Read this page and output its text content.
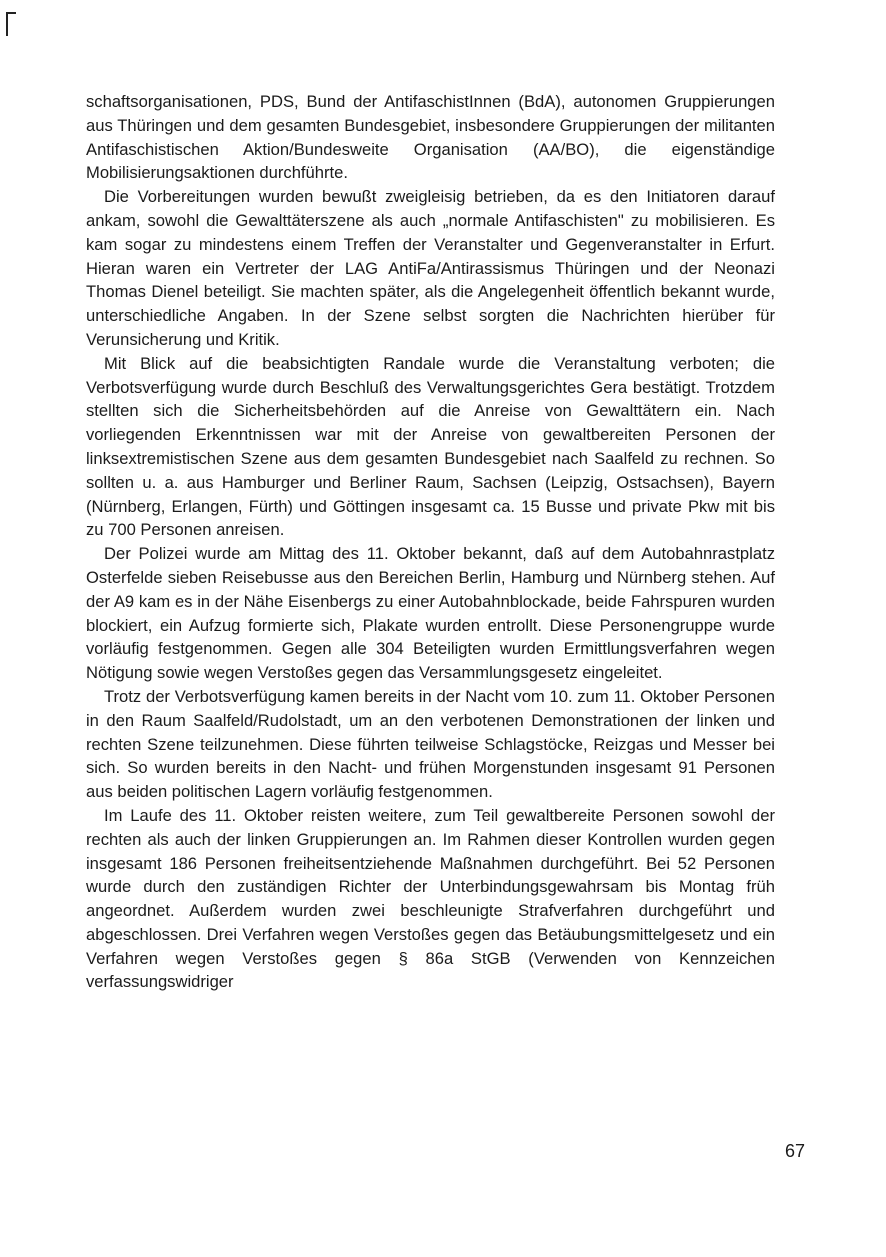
schaftsorganisationen, PDS, Bund der AntifaschistInnen (BdA), autonomen Gruppierungen aus Thüringen und dem gesamten Bundesgebiet, insbesondere Gruppierungen der militanten Antifaschistischen Aktion/Bundesweite Organisation (AA/BO), die eigenständige Mobilisierungsaktionen durchführte.

Die Vorbereitungen wurden bewußt zweigleisig betrieben, da es den Initiatoren darauf ankam, sowohl die Gewalttäterszene als auch „normale Antifaschisten" zu mobilisieren. Es kam sogar zu mindestens einem Treffen der Veranstalter und Gegenveranstalter in Erfurt. Hieran waren ein Vertreter der LAG AntiFa/Antirassismus Thüringen und der Neonazi Thomas Dienel beteiligt. Sie machten später, als die Angelegenheit öffentlich bekannt wurde, unterschiedliche Angaben. In der Szene selbst sorgten die Nachrichten hierüber für Verunsicherung und Kritik.

Mit Blick auf die beabsichtigten Randale wurde die Veranstaltung verboten; die Verbotsverfügung wurde durch Beschluß des Verwaltungsgerichtes Gera bestätigt. Trotzdem stellten sich die Sicherheitsbehörden auf die Anreise von Gewalttätern ein. Nach vorliegenden Erkenntnissen war mit der Anreise von gewaltbereiten Personen der linksextremistischen Szene aus dem gesamten Bundesgebiet nach Saalfeld zu rechnen. So sollten u. a. aus Hamburger und Berliner Raum, Sachsen (Leipzig, Ostsachsen), Bayern (Nürnberg, Erlangen, Fürth) und Göttingen insgesamt ca. 15 Busse und private Pkw mit bis zu 700 Personen anreisen.

Der Polizei wurde am Mittag des 11. Oktober bekannt, daß auf dem Autobahnrastplatz Osterfelde sieben Reisebusse aus den Bereichen Berlin, Hamburg und Nürnberg stehen. Auf der A9 kam es in der Nähe Eisenbergs zu einer Autobahnblockade, beide Fahrspuren wurden blockiert, ein Aufzug formierte sich, Plakate wurden entrollt. Diese Personengruppe wurde vorläufig festgenommen. Gegen alle 304 Beteiligten wurden Ermittlungsverfahren wegen Nötigung sowie wegen Verstoßes gegen das Versammlungsgesetz eingeleitet.

Trotz der Verbotsverfügung kamen bereits in der Nacht vom 10. zum 11. Oktober Personen in den Raum Saalfeld/Rudolstadt, um an den verbotenen Demonstrationen der linken und rechten Szene teilzunehmen. Diese führten teilweise Schlagstöcke, Reizgas und Messer bei sich. So wurden bereits in den Nacht- und frühen Morgenstunden insgesamt 91 Personen aus beiden politischen Lagern vorläufig festgenommen.

Im Laufe des 11. Oktober reisten weitere, zum Teil gewaltbereite Personen sowohl der rechten als auch der linken Gruppierungen an. Im Rahmen dieser Kontrollen wurden gegen insgesamt 186 Personen freiheitsentziehende Maßnahmen durchgeführt. Bei 52 Personen wurde durch den zuständigen Richter der Unterbindungsgewahrsam bis Montag früh angeordnet. Außerdem wurden zwei beschleunigte Strafverfahren durchgeführt und abgeschlossen. Drei Verfahren wegen Verstoßes gegen das Betäubungsmittelgesetz und ein Verfahren wegen Verstoßes gegen § 86a StGB (Verwenden von Kennzeichen verfassungswidriger

67
